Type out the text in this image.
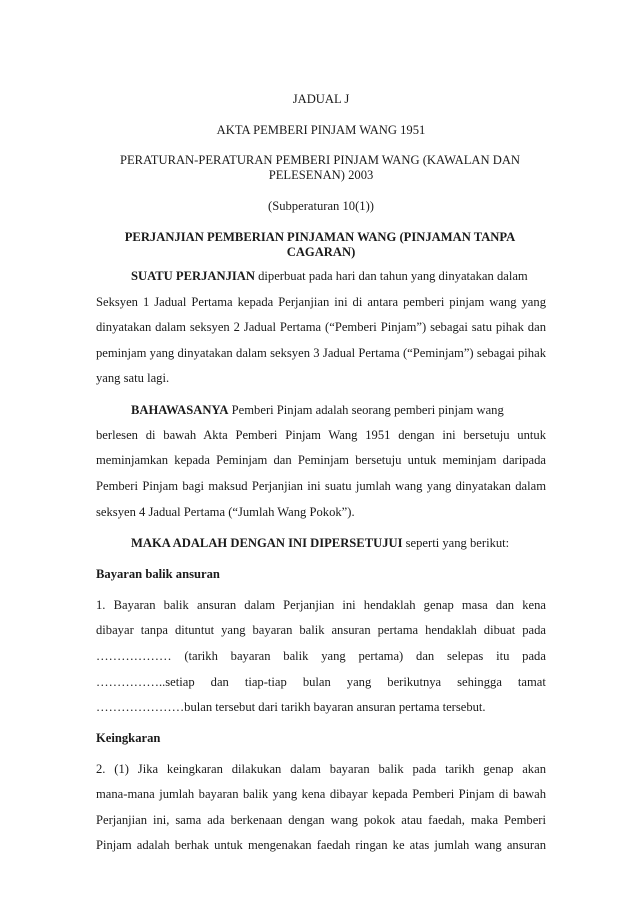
JADUAL J
AKTA PEMBERI PINJAM WANG 1951
PERATURAN-PERATURAN PEMBERI PINJAM WANG (KAWALAN DAN
PELESENAN) 2003
(Subperaturan 10(1))
PERJANJIAN PEMBERIAN PINJAMAN WANG (PINJAMAN TANPA
CAGARAN)
SUATU PERJANJIAN diperbuat pada hari dan tahun yang dinyatakan dalam
Seksyen 1 Jadual Pertama kepada Perjanjian ini di antara pemberi pinjam wang yang
dinyatakan dalam seksyen 2 Jadual Pertama (“Pemberi Pinjam”) sebagai satu pihak dan
peminjam yang dinyatakan dalam seksyen 3 Jadual Pertama (“Peminjam”) sebagai pihak
yang satu lagi.
BAHAWASANYA Pemberi Pinjam adalah seorang pemberi pinjam wang
berlesen di bawah Akta Pemberi Pinjam Wang 1951 dengan ini bersetuju untuk
meminjamkan kepada Peminjam dan Peminjam bersetuju untuk meminjam daripada
Pemberi Pinjam bagi maksud Perjanjian ini suatu jumlah wang yang dinyatakan dalam
seksyen 4 Jadual Pertama (“Jumlah Wang Pokok”).
MAKA ADALAH DENGAN INI DIPERSETUJUI seperti yang berikut:
Bayaran balik ansuran
1. Bayaran balik ansuran dalam Perjanjian ini hendaklah genap masa dan kena
dibayar tanpa dituntut yang bayaran balik ansuran pertama hendaklah dibuat pada
……………… (tarikh bayaran balik yang pertama) dan selepas itu pada
……………..setiap dan tiap-tiap bulan yang berikutnya sehingga tamat
…………………bulan tersebut dari tarikh bayaran ansuran pertama tersebut.
Keingkaran
2. (1) Jika keingkaran dilakukan dalam bayaran balik pada tarikh genap akan
mana-mana jumlah bayaran balik yang kena dibayar kepada Pemberi Pinjam di bawah
Perjanjian ini, sama ada berkenaan dengan wang pokok atau faedah, maka Pemberi
Pinjam adalah berhak untuk mengenakan faedah ringan ke atas jumlah wang ansuran
